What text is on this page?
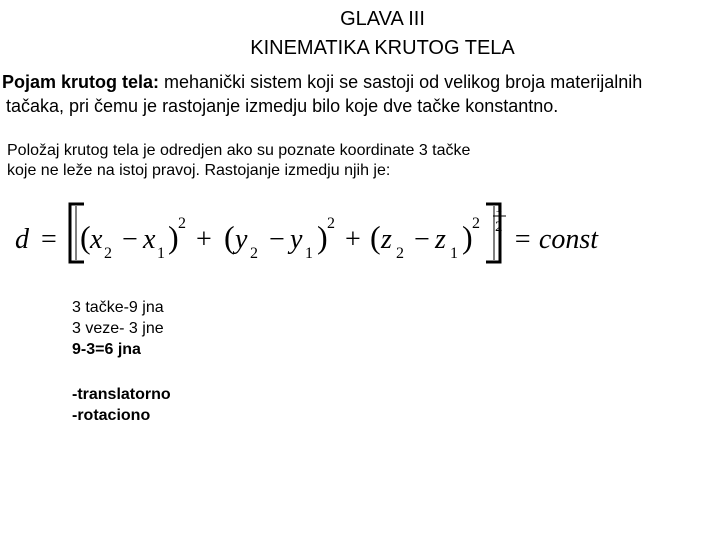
GLAVA III
KINEMATIKA KRUTOG TELA
Pojam krutog tela: mehanički sistem koji se sastoji od velikog broja materijalnih
tačaka, pri čemu je rastojanje izmedju bilo koje dve tačke konstantno.
Položaj krutog tela je odredjen ako su poznate koordinate 3 tačke
koje ne leže na istoj pravoj. Rastojanje izmedju njih je:
d = ( x 2 − x 1 ) 2
+ ( y 2 − y 1 ) 2
+ ( z 2 − z 1 ) 2
1
2 = const
3 tačke-9 jna
3 veze- 3 jne
9-3=6 jna
-translatorno
-rotaciono
